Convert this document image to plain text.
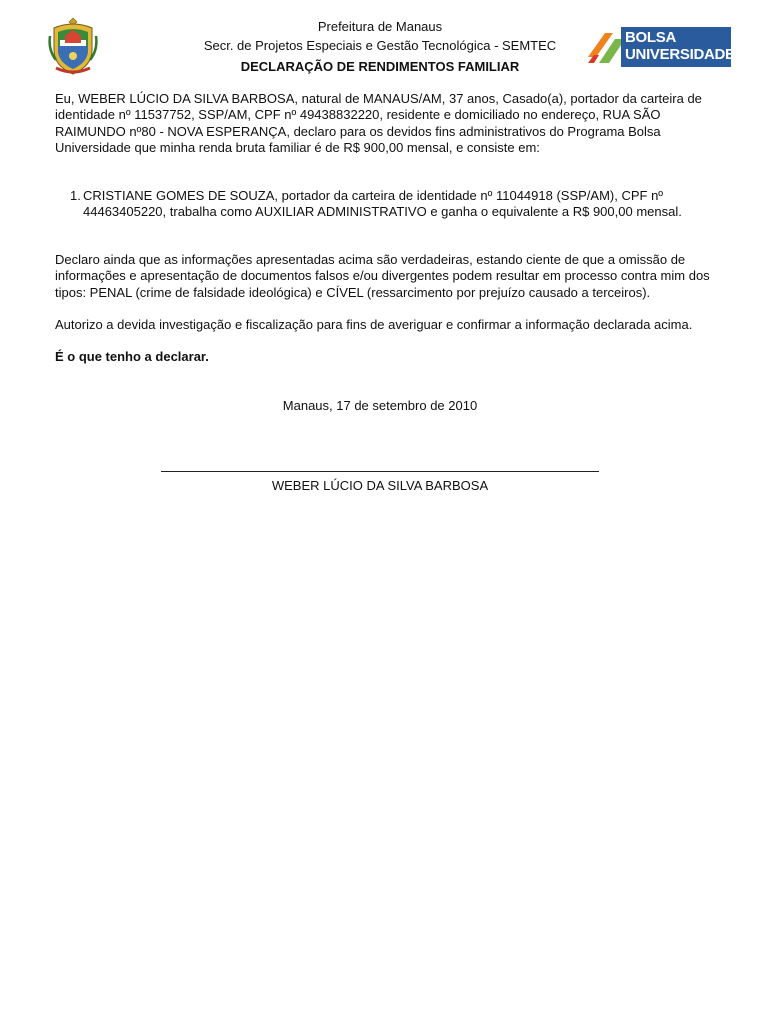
Prefeitura de Manaus
Secr. de Projetos Especiais e Gestão Tecnológica - SEMTEC
DECLARAÇÃO DE RENDIMENTOS FAMILIAR
BOLSA
UNIVERSIDADE
Eu, WEBER LÚCIO DA SILVA BARBOSA, natural de MANAUS/AM, 37 anos, Casado(a), portador da carteira de identidade nº 11537752, SSP/AM, CPF nº 49438832220, residente e domiciliado no endereço, RUA SÃO RAIMUNDO nº80 - NOVA ESPERANÇA, declaro para os devidos fins administrativos do Programa Bolsa Universidade que minha renda bruta familiar é de R$ 900,00 mensal, e consiste em:
1. CRISTIANE GOMES DE SOUZA, portador da carteira de identidade nº 11044918 (SSP/AM), CPF nº 44463405220, trabalha como AUXILIAR ADMINISTRATIVO e ganha o equivalente a R$ 900,00 mensal.
Declaro ainda que as informações apresentadas acima são verdadeiras, estando ciente de que a omissão de informações e apresentação de documentos falsos e/ou divergentes podem resultar em processo contra mim dos tipos: PENAL (crime de falsidade ideológica) e CÍVEL (ressarcimento por prejuízo causado a terceiros).
Autorizo a devida investigação e fiscalização para fins de averiguar e confirmar a informação declarada acima.
É o que tenho a declarar.
Manaus, 17 de setembro de 2010
WEBER LÚCIO DA SILVA BARBOSA
